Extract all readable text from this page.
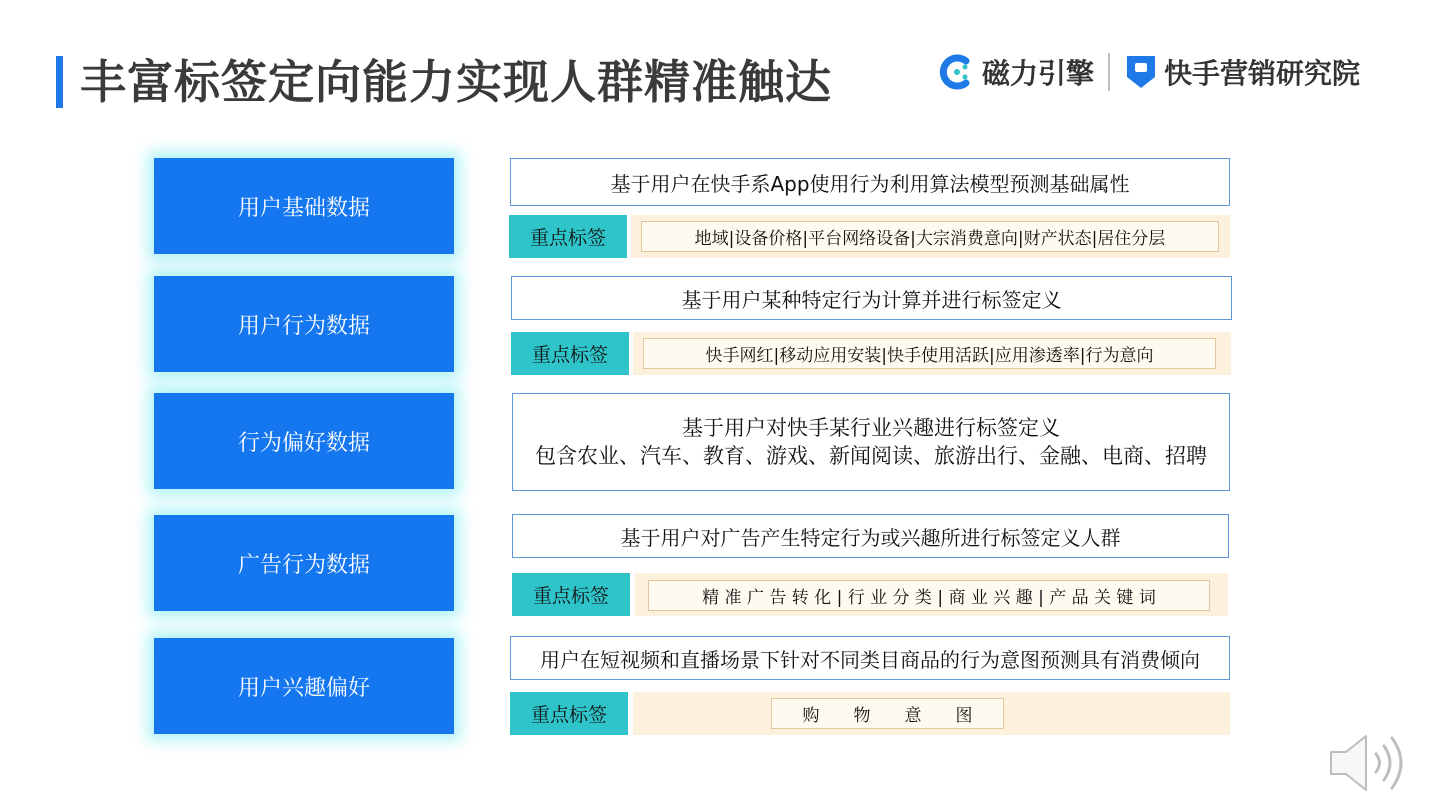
丰富标签定向能力实现人群精准触达	磁力引擎	快手营销研究院
用户基础数据
基于用户在快手系App使用行为利用算法模型预测基础属性
重点标签	地域|设备价格|平台网络设备|大宗消费意向|财产状态|居住分层
用户行为数据
基于用户某种特定行为计算并进行标签定义
重点标签	快手网红|移动应用安装|快手使用活跃|应用渗透率|行为意向
行为偏好数据
基于用户对快手某行业兴趣进行标签定义
包含农业、汽车、教育、游戏、新闻阅读、旅游出行、金融、电商、招聘
广告行为数据
基于用户对广告产生特定行为或兴趣所进行标签定义人群
重点标签	精 准 广 告 转 化 | 行 业 分 类 | 商 业 兴 趣 | 产 品 关 键 词
用户兴趣偏好
用户在短视频和直播场景下针对不同类目商品的行为意图预测具有消费倾向
重点标签	购　　物　　意　　图
